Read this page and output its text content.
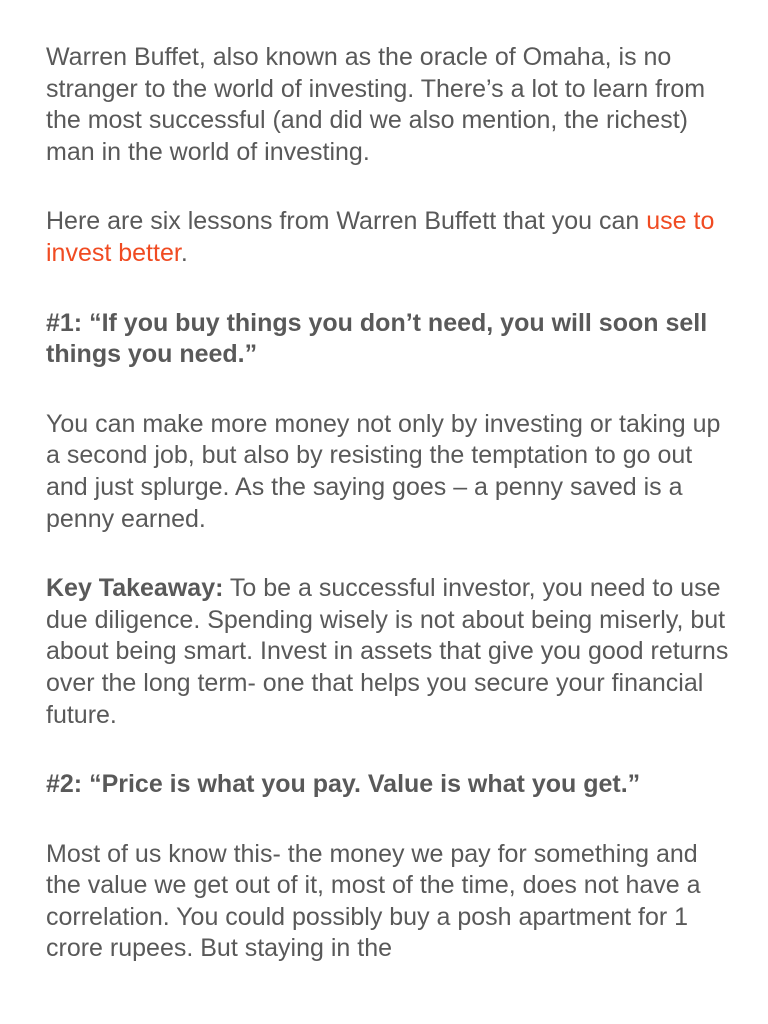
Warren Buffet, also known as the oracle of Omaha, is no stranger to the world of investing. There’s a lot to learn from the most successful (and did we also mention, the richest) man in the world of investing.

Here are six lessons from Warren Buffett that you can use to invest better.

#1: “If you buy things you don’t need, you will soon sell things you need.”

You can make more money not only by investing or taking up a second job, but also by resisting the temptation to go out and just splurge. As the saying goes – a penny saved is a penny earned.

Key Takeaway: To be a successful investor, you need to use due diligence. Spending wisely is not about being miserly, but about being smart. Invest in assets that give you good returns over the long term- one that helps you secure your financial future.

#2: “Price is what you pay. Value is what you get.”

Most of us know this- the money we pay for something and the value we get out of it, most of the time, does not have a correlation. You could possibly buy a posh apartment for 1 crore rupees. But staying in the
